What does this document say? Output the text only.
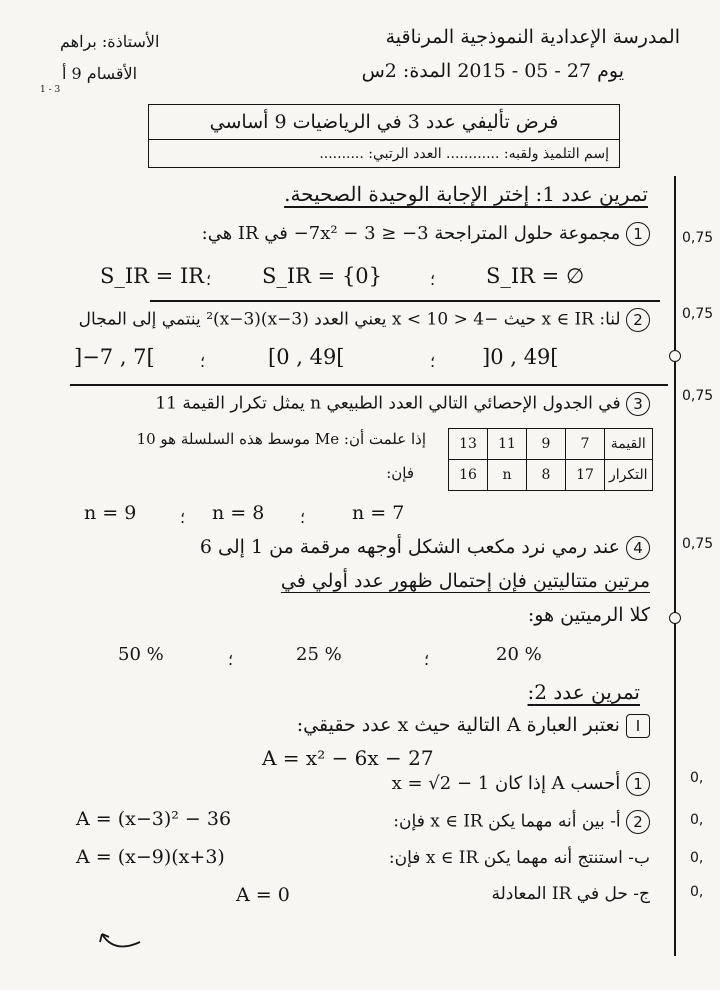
المدرسة الإعدادية النموذجية المرناقية
الأستاذة: براهم
يوم 27 - 05 - 2015 المدة: 2س
الأقسام 9 أ
1 - 3
فرض تأليفي عدد 3 في الرياضيات 9 أساسي
إسم التلميذ ولقبه: ............ العدد الرتبي: ..........
0,75
0,75
0,75
0,75
0,
0,
0,
0,
تمرين عدد 1: إختر الإجابة الوحيدة الصحيحة.
1 مجموعة حلول المتراجحة −7x² − 3 ≥ −3 في IR هي:
S_IR = IR ؛ S_IR = {0}	؛ S_IR = ∅
2 لنا: x ∈ IR حيث −4 < x < 10 يعني العدد (x−3)²(x−3) ينتمي إلى المجال
]−7 , 7[	؛	[0 , 49[	؛ ]0 , 49[
3 في الجدول الإحصائي التالي العدد الطبيعي n يمثل تكرار القيمة 11
إذا علمت أن: Me موسط هذه السلسلة هو 10
فإن:
القيمة	7	9	11	13
التكرار	17	8	n	16
n = 9	؛ n = 8 ؛ n = 7
4 عند رمي نرد مكعب الشكل أوجهه مرقمة من 1 إلى 6
مرتين متتاليتين فإن إحتمال ظهور عدد أولي في
كلا الرميتين هو:
50 %	؛	25 %	؛	20 %
تمرين عدد 2:
I نعتبر العبارة A التالية حيث x عدد حقيقي:
A = x² − 6x − 27
1 أحسب A إذا كان x = √2 − 1
2 أ- بين أنه مهما يكن x ∈ IR فإن:
A = (x−3)² − 36
ب- استنتج أنه مهما يكن x ∈ IR فإن:
A = (x−9)(x+3)
ج- حل في IR المعادلة
A = 0
